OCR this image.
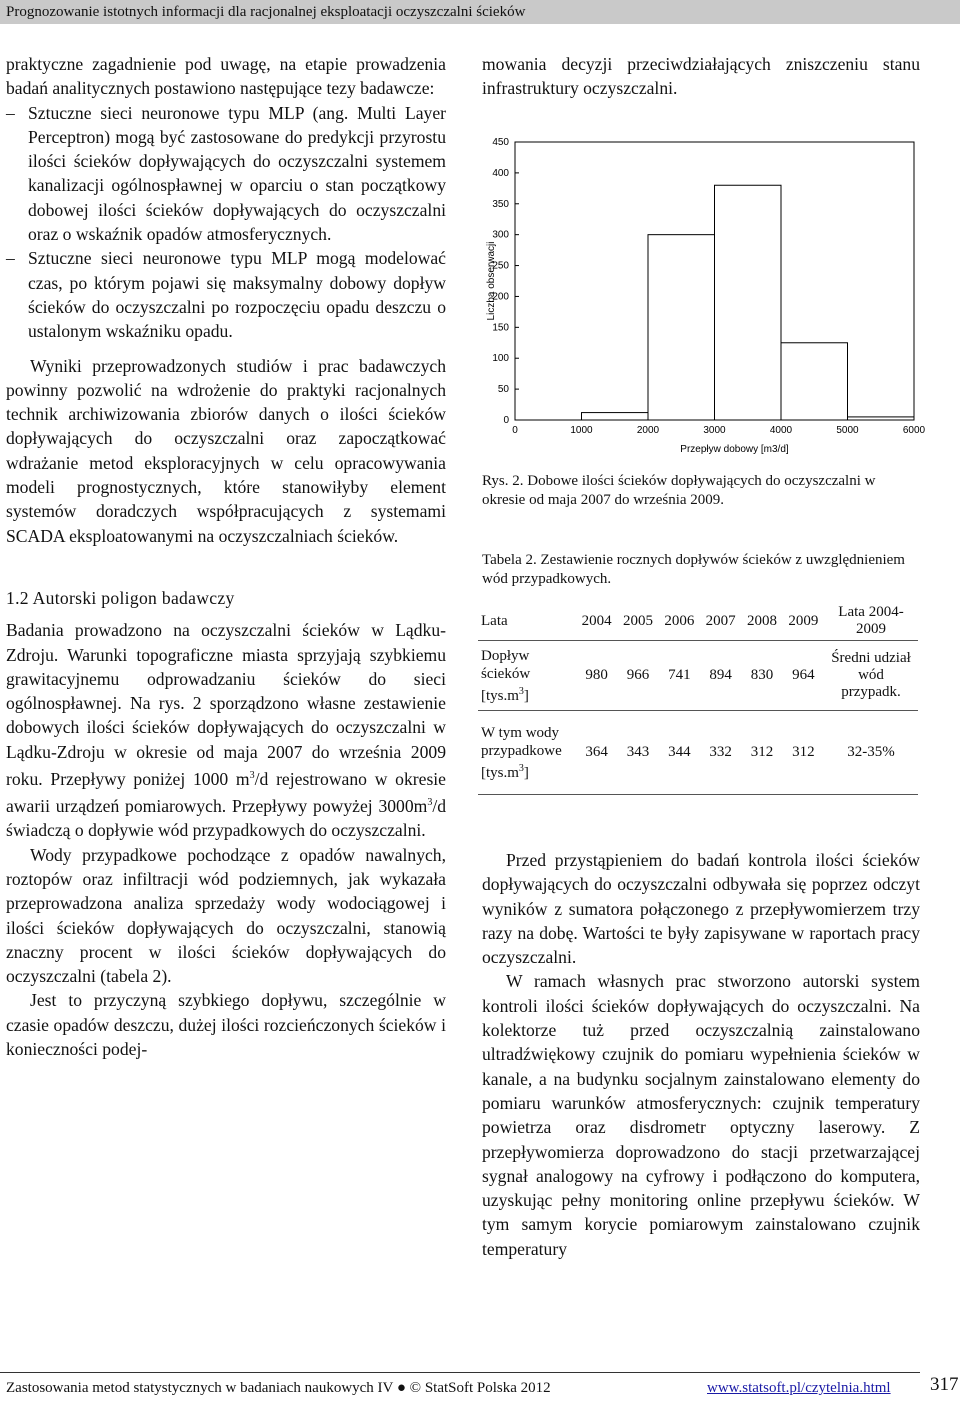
Prognozowanie istotnych informacji dla racjonalnej eksploatacji oczyszczalni ścieków

praktyczne zagadnienie pod uwagę, na etapie prowadzenia badań analitycznych postawiono następujące tezy badawcze:

– Sztuczne sieci neuronowe typu MLP (ang. Multi Layer Perceptron) mogą być zastosowane do predykcji przyrostu ilości ścieków dopływających do oczyszczalni systemem kanalizacji ogólnospławnej w oparciu o stan początkowy dobowej ilości ścieków dopływających do oczyszczalni oraz o wskaźnik opadów atmosferycznych.

– Sztuczne sieci neuronowe typu MLP mogą modelować czas, po którym pojawi się maksymalny dobowy dopływ ścieków do oczyszczalni po rozpoczęciu opadu deszczu o ustalonym wskaźniku opadu.

Wyniki przeprowadzonych studiów i prac badawczych powinny pozwolić na wdrożenie do praktyki racjonalnych technik archiwizowania zbiorów danych o ilości ścieków dopływających do oczyszczalni oraz zapoczątkować wdrażanie metod eksploracyjnych w celu opracowywania modeli prognostycznych, które stanowiłyby element systemów doradczych współpracujących z systemami SCADA eksploatowanymi na oczyszczalniach ścieków.

1.2 Autorski poligon badawczy

Badania prowadzono na oczyszczalni ścieków w Lądku-Zdroju. Warunki topograficzne miasta sprzyjają szybkiemu grawitacyjnemu odprowadzaniu ścieków do sieci ogólnospławnej. Na rys. 2 sporządzono własne zestawienie dobowych ilości ścieków dopływających do oczyszczalni w Lądku-Zdroju w okresie od maja 2007 do września 2009 roku. Przepływy poniżej 1000 $m^3/d$ rejestrowano w okresie awarii urządzeń pomiarowych. Przepływy powyżej $3000m^3/d$ świadczą o dopływie wód przypadkowych do oczyszczalni.

Wody przypadkowe pochodzące z opadów nawalnych, roztopów oraz infiltracji wód podziemnych, jak wykazała przeprowadzona analiza sprzedaży wody wodociągowej i ilości ścieków dopływających do oczyszczalni, stanowią znaczny procent w ilości ścieków dopływających do oczyszczalni (tabela 2).

Jest to przyczyną szybkiego dopływu, szczególnie w czasie opadów deszczu, dużej ilości rozcieńczonych ścieków i konieczności podej-

mowania decyzji przeciwdziałających zniszczeniu stanu infrastruktury oczyszczalni.

0
50
100
150
200
250
300
350
400
450
0	1000	2000	3000	4000	5000	6000
Przepływ dobowy [m3/d]
Liczba obserwacji
Rys. 2. Dobowe ilości ścieków dopływających do oczyszczalni w okresie od maja 2007 do września 2009.
Tabela 2. Zestawienie rocznych dopływów ścieków z uwzględnieniem wód przypadkowych.
Lata	2004	2005	2006	2007	2008	2009	Lata 2004-2009
Dopływ ścieków $[tys.m^3]$	980	966	741	894	830	964	Średni udział wód przypadk.
W tym wody przypadkowe $[tys.m^3]$	364	343	344	332	312	312	32-35%

Przed przystąpieniem do badań kontrola ilości ścieków dopływających do oczyszczalni odbywała się poprzez odczyt wyników z sumatora połączonego z przepływomierzem trzy razy na dobę. Wartości te były zapisywane w raportach pracy oczyszczalni.

W ramach własnych prac stworzono autorski system kontroli ilości ścieków dopływających do oczyszczalni. Na kolektorze tuż przed oczyszczalnią zainstalowano ultradźwiękowy czujnik do pomiaru wypełnienia ścieków w kanale, a na budynku socjalnym zainstalowano elementy do pomiaru warunków atmosferycznych: czujnik temperatury powietrza oraz disdrometr optyczny laserowy. Z przepływomierza doprowadzono do stacji przetwarzającej sygnał analogowy na cyfrowy i podłączono do komputera, uzyskując pełny monitoring online przepływu ścieków. W tym samym korycie pomiarowym zainstalowano czujnik temperatury

Zastosowania metod statystycznych w badaniach naukowych IV ● © StatSoft Polska 2012	www.statsoft.pl/czytelnia.html 317
